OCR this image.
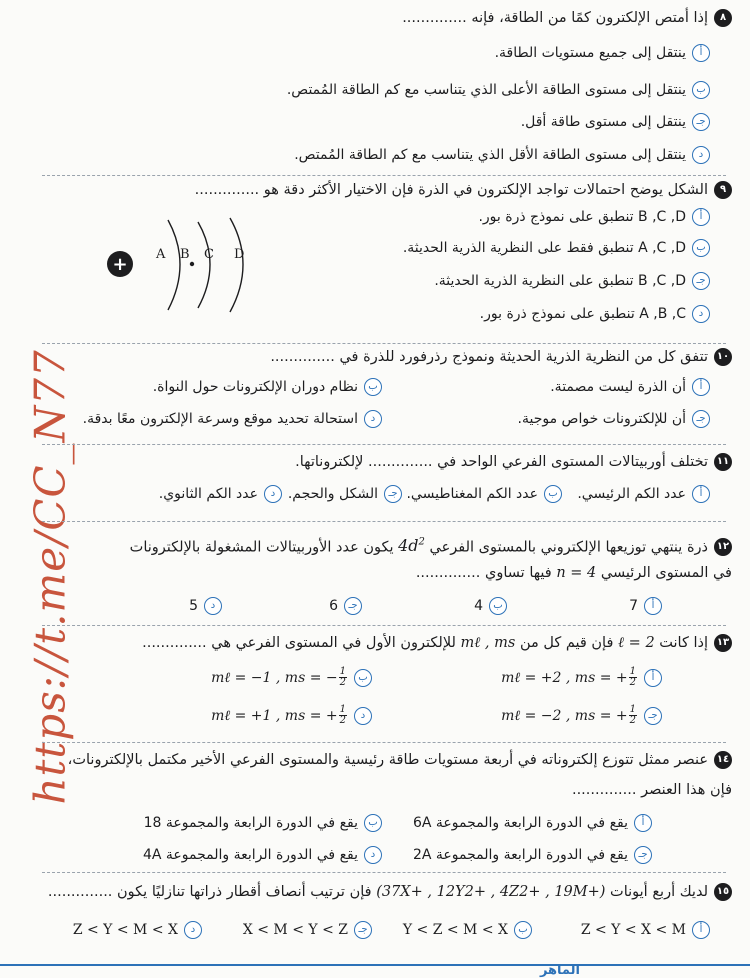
https://t.me/CC_N77
٨إذا أمتص الإلكترون كمًا من الطاقة، فإنه ..............
أينتقل إلى جميع مستويات الطاقة.
بينتقل إلى مستوى الطاقة الأعلى الذي يتناسب مع كم الطاقة المُمتص.
جـينتقل إلى مستوى طاقة أقل.
دينتقل إلى مستوى الطاقة الأقل الذي يتناسب مع كم الطاقة المُمتص.
٩الشكل يوضح احتمالات تواجد الإلكترون في الذرة فإن الاختيار الأكثر دقة هو ..............
أB ,C ,D تنطبق على نموذج ذرة بور.
بA ,C ,D تنطبق فقط على النظرية الذرية الحديثة.
جـB ,C ,D تنطبق على النظرية الذرية الحديثة.
دA ,B ,C تنطبق على نموذج ذرة بور.
+ A B C D
١٠تتفق كل من النظرية الذرية الحديثة ونموذج رذرفورد للذرة في ..............
أأن الذرة ليست مصمتة.
بنظام دوران الإلكترونات حول النواة.
جـأن للإلكترونات خواص موجية.
داستحالة تحديد موقع وسرعة الإلكترون معًا بدقة.
١١تختلف أوربيتالات المستوى الفرعي الواحد في .............. لإلكتروناتها.
أعدد الكم الرئيسي.
بعدد الكم المغناطيسي.
جـالشكل والحجم.
دعدد الكم الثانوي.
١٢ذرة ينتهي توزيعها الإلكتروني بالمستوى الفرعي $4d^2$ يكون عدد الأوربيتالات المشغولة بالإلكترونات
في المستوى الرئيسي n = 4 فيها تساوي ..............
أ7
ب4
جـ6
د5
١٣إذا كانت ℓ = 2 فإن قيم كل من mℓ , ms للإلكترون الأول في المستوى الفرعي هي ..............
أmℓ = +2 , ms = + $\frac{1}{2}$
بmℓ = −1 , ms = − $\frac{1}{2}$
جـmℓ = −2 , ms = + $\frac{1}{2}$
دmℓ = +1 , ms = + $\frac{1}{2}$
١٤عنصر ممثل تتوزع إلكتروناته في أربعة مستويات طاقة رئيسية والمستوى الفرعي الأخير مكتمل بالإلكترونات،
فإن هذا العنصر ..............
أيقع في الدورة الرابعة والمجموعة 6A
بيقع في الدورة الرابعة والمجموعة 18
جـيقع في الدورة الرابعة والمجموعة 2A
ديقع في الدورة الرابعة والمجموعة 4A
١٥لديك أربع أيونات (37X+ , 12Y2+ , 4Z2+ , 19M+) فإن ترتيب أنصاف أقطار ذراتها تنازليًا يكون ..............
أZ < Y < X < M
بY < Z < M < X
جـX < M < Y < Z
دZ < Y < M < X
الماهر
